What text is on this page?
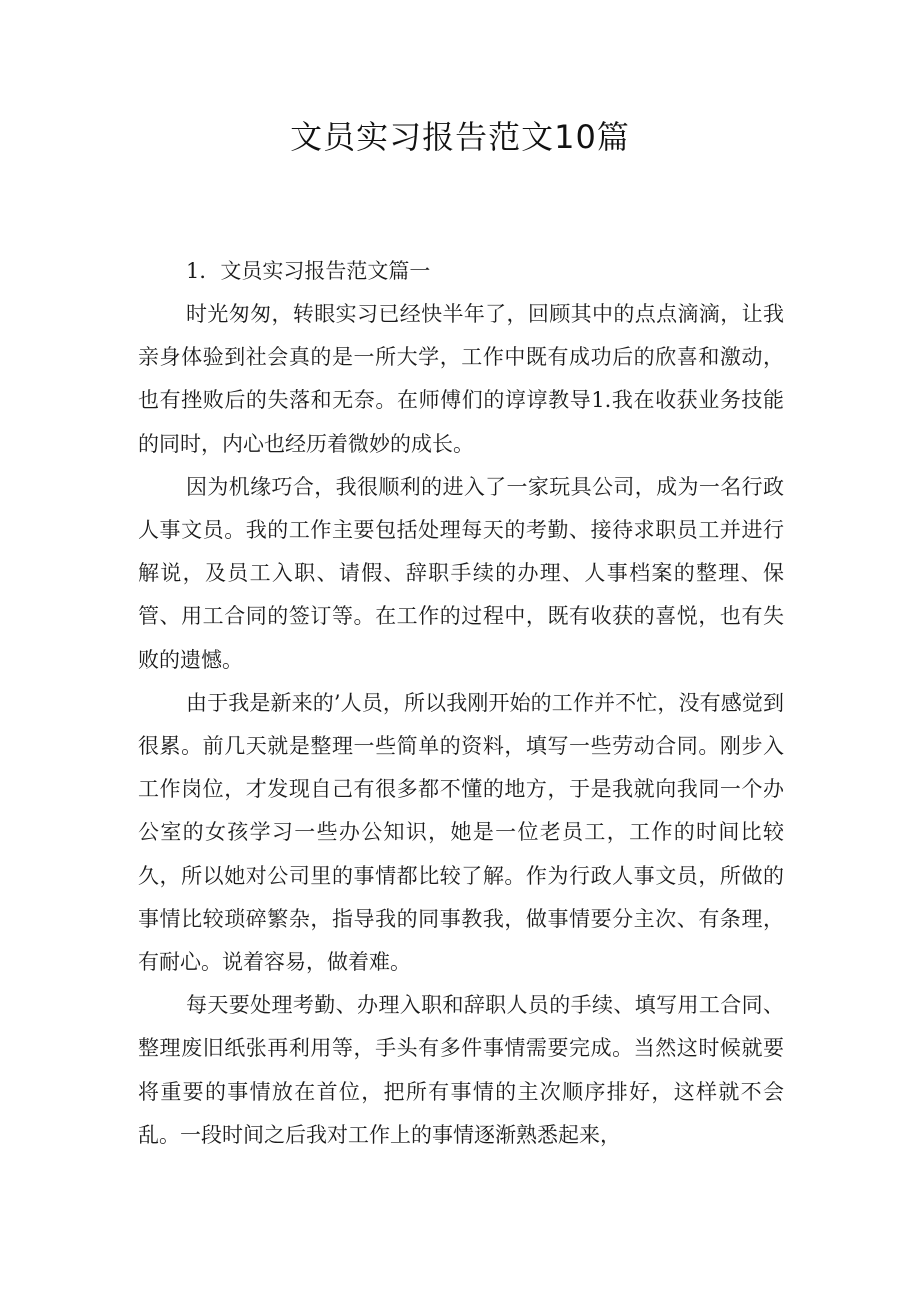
文员实习报告范文10篇
1．文员实习报告范文篇一

时光匆匆，转眼实习已经快半年了，回顾其中的点点滴滴，让我亲身体验到社会真的是一所大学，工作中既有成功后的欣喜和激动，也有挫败后的失落和无奈。在师傅们的谆谆教导1.我在收获业务技能的同时，内心也经历着微妙的成长。

因为机缘巧合，我很顺利的进入了一家玩具公司，成为一名行政人事文员。我的工作主要包括处理每天的考勤、接待求职员工并进行解说，及员工入职、请假、辞职手续的办理、人事档案的整理、保管、用工合同的签订等。在工作的过程中，既有收获的喜悦，也有失败的遗憾。

由于我是新来的’人员，所以我刚开始的工作并不忙，没有感觉到很累。前几天就是整理一些简单的资料，填写一些劳动合同。刚步入工作岗位，才发现自己有很多都不懂的地方，于是我就向我同一个办公室的女孩学习一些办公知识，她是一位老员工，工作的时间比较久，所以她对公司里的事情都比较了解。作为行政人事文员，所做的事情比较琐碎繁杂，指导我的同事教我，做事情要分主次、有条理，有耐心。说着容易，做着难。

每天要处理考勤、办理入职和辞职人员的手续、填写用工合同、整理废旧纸张再利用等，手头有多件事情需要完成。当然这时候就要将重要的事情放在首位，把所有事情的主次顺序排好，这样就不会乱。一段时间之后我对工作上的事情逐渐熟悉起来，
